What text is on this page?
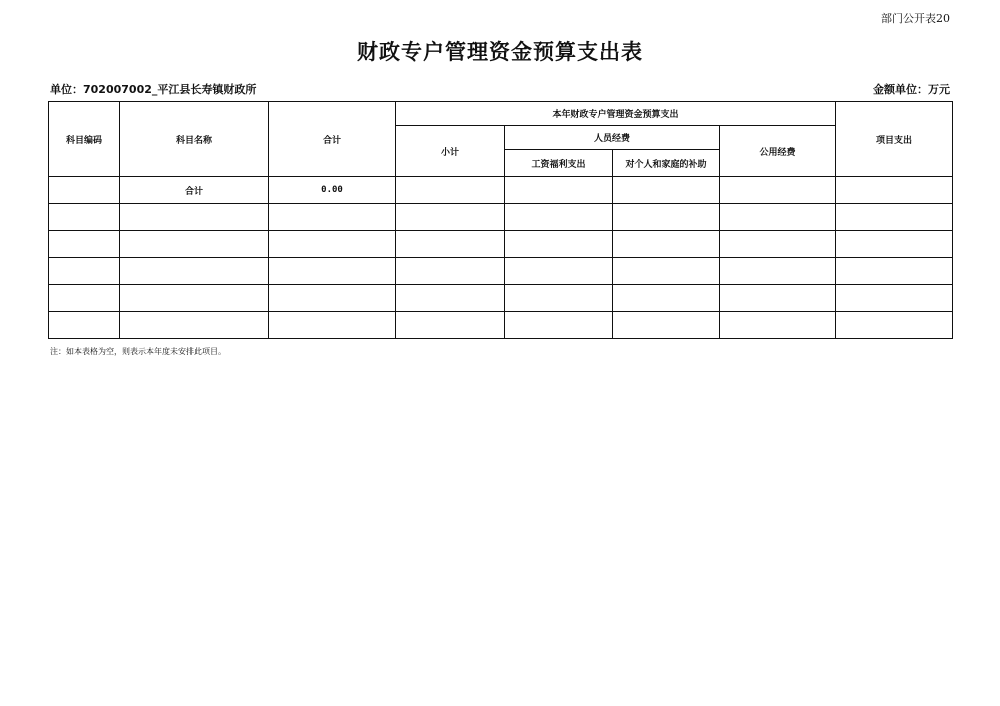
部门公开表20
财政专户管理资金预算支出表
单位：702007002_平江县长寿镇财政所	金额单位：万元
科目编码	科目名称	合计	本年财政专户管理资金预算支出				项目支出
			小计	人员经费		公用经费	
				工资福利支出	对个人和家庭的补助		
	合计	0.00					

注：如本表格为空，则表示本年度未安排此项目。
